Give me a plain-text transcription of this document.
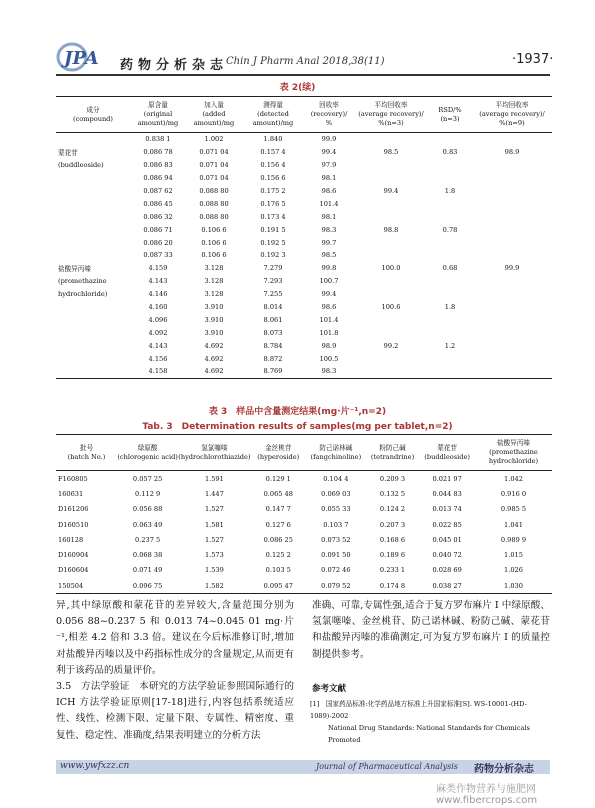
JPA 药物分析杂志
Chin J Pharm Anal 2018,38(11)	·1937·
表 2(续)
成分
(compound)	原含量
(original
amount)/mg	加入量
(added
amount)/mg	测得量
(detected
amount)/mg	回收率
(recovery)/
%	平均回收率
(average recovery)/
%(n=3)	RSD/%
(n=3)	平均回收率
(average recovery)/
%(n=9)
	0.838 1	1.002	1.840	99.9			
蒙花苷	0.086 78	0.071 04	0.157 4	99.4	98.5	0.83	98.9
(buddleoside)	0.086 83	0.071 04	0.156 4	97.9			
	0.086 94	0.071 04	0.156 6	98.1			
	0.087 62	0.088 80	0.175 2	98.6	99.4	1.8	
	0.086 45	0.088 80	0.176 5	101.4			
	0.086 32	0.088 80	0.173 4	98.1			
	0.086 71	0.106 6	0.191 5	98.3	98.8	0.78	
	0.086 20	0.106 6	0.192 5	99.7			
	0.087 33	0.106 6	0.192 3	98.5			
盐酸异丙嗪	4.159	3.128	7.279	99.8	100.0	0.68	99.9
(promethazine	4.143	3.128	7.293	100.7			
hydrochloride)	4.146	3.128	7.255	99.4			
	4.160	3.910	8.014	98.6	100.6	1.8	
	4.096	3.910	8.061	101.4			
	4.092	3.910	8.073	101.8			
	4.143	4.692	8.784	98.9	99.2	1.2	
	4.156	4.692	8.872	100.5			
	4.158	4.692	8.769	98.3			
表 3　样品中含量测定结果(mg·片⁻¹,n=2)
Tab. 3　Determination results of samples(mg per tablet,n=2)
批号
(batch No.)	绿原酸
(chlorogenic acid)	氢氯噻嗪
(hydrochlorothiazide)	金丝桃苷
(hyperoside)	防己诺林碱
(fangchinoline)	粉防己碱
(tetrandrine)	蒙花苷
(buddleoside)	盐酸异丙嗪
(promethazine
hydrochloride)
F160805	0.057 25	1.591	0.129 1	0.104 4	0.209 3	0.021 97	1.042
160631	0.112 9	1.447	0.065 48	0.069 03	0.132 5	0.044 83	0.916 0
D161206	0.056 88	1.527	0.147 7	0.055 33	0.124 2	0.013 74	0.985 5
D160510	0.063 49	1.581	0.127 6	0.103 7	0.207 3	0.022 85	1.041
160128	0.237 5	1.527	0.086 25	0.073 52	0.168 6	0.045 01	0.989 9
D160904	0.068 38	1.573	0.125 2	0.091 50	0.189 6	0.040 72	1.015
D160604	0.071 49	1.539	0.103 5	0.072 46	0.233 1	0.028 69	1.026
150504	0.096 75	1.582	0.095 47	0.079 52	0.174 8	0.038 27	1.030

异,其中绿原酸和蒙花苷的差异较大,含量范围分别为 0.056 88~0.237 5 和 0.013 74~0.045 01 mg·片⁻¹,相差 4.2 倍和 3.3 倍。建议在今后标准修订时,增加对盐酸异丙嗪以及中药指标性成分的含量规定,从而更有利于该药品的质量评价。

3.5　方法学验证　本研究的方法学验证参照国际通行的 ICH 方法学验证原则[17-18]进行,内容包括系统适应性、线性、检测下限、定量下限、专属性、精密度、重复性、稳定性、准确度,结果表明建立的分析方法

准确、可靠,专属性强,适合于复方罗布麻片 I 中绿原酸、氢氯噻嗪、金丝桃苷、防己诺林碱、粉防己碱、蒙花苷和盐酸异丙嗪的准确测定,可为复方罗布麻片 I 的质量控制提供参考。

参考文献
[1]　国家药品标准:化学药品地方标准上升国家标准[S]. WS-10001-(HD-1089)-2002
National Drug Standards: National Standards for Chemicals Promoted
www.ywfxzz.cn	Journal of Pharmaceutical Analysis 药物分析杂志
麻类作物营养与施肥网 www.fibercrops.com
